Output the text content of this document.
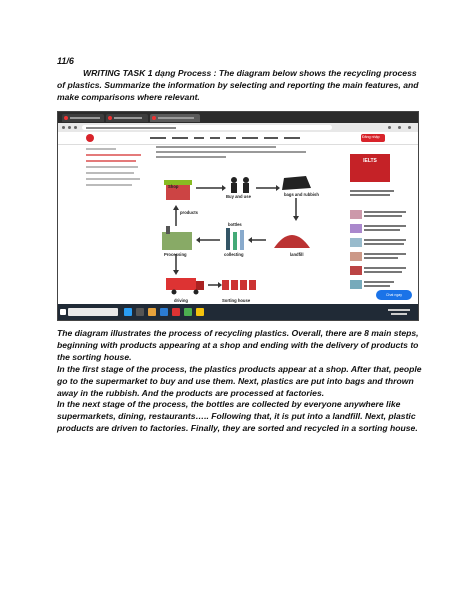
11/6
WRITING TASK 1 dạng Process : The diagram below shows the recycling process of plastics. Summarize the information by selecting and reporting the main features, and make comparisons where relevant.
Đăng nhập
Shop
Buy and use	bags and rubbish
products
bottles
Processing	collecting	landfill
driving	Sorting house
IELTS
Chat ngay

The diagram illustrates the process of recycling plastics. Overall, there are 8 main steps, beginning with products appearing at a shop and ending with the delivery of products to the sorting house.

In the first stage of the process, the plastics products appear at a shop. After that, people go to the supermarket to buy and use them. Next, plastics are put into bags and thrown away in the rubbish. And the products are processed at factories.

In the next stage of the process, the bottles are collected by everyone anywhere like supermarkets, dining, restaurants….. Following that, it is put into a landfill. Next, plastic products are driven to factories. Finally, they are sorted and recycled in a sorting house.
